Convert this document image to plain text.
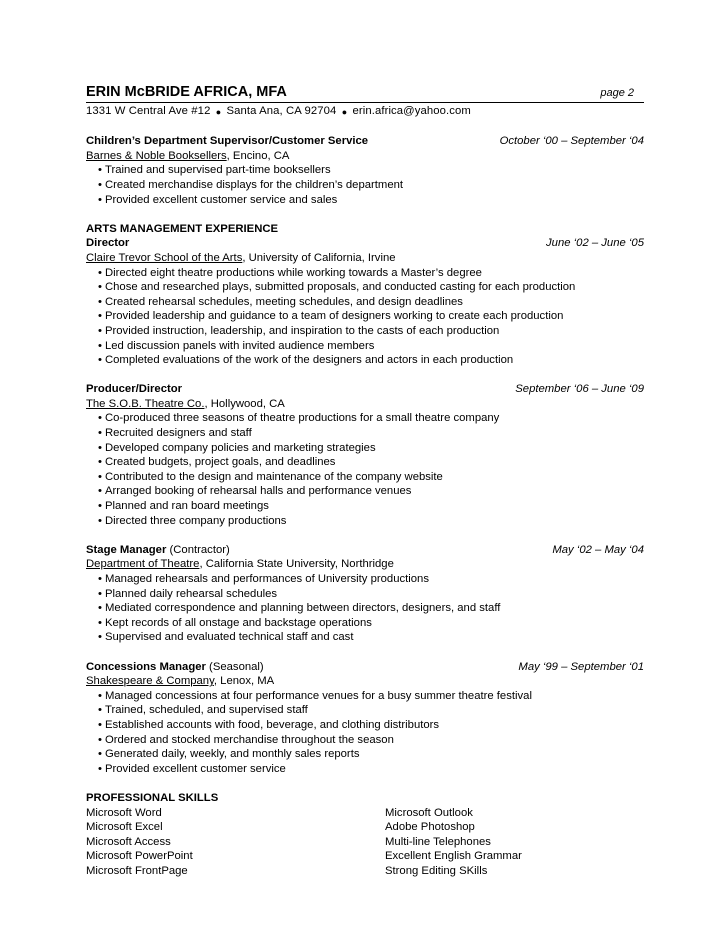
ERIN McBRIDE AFRICA, MFA	page 2
1331 W Central Ave #12 ● Santa Ana, CA 92704 ● erin.africa@yahoo.com
Children’s Department Supervisor/Customer Service	October ‘00 – September ‘04
Barnes & Noble Booksellers, Encino, CA
• Trained and supervised part-time booksellers
• Created merchandise displays for the children’s department
• Provided excellent customer service and sales
ARTS MANAGEMENT EXPERIENCE
Director	June ‘02 – June ‘05
Claire Trevor School of the Arts, University of California, Irvine
• Directed eight theatre productions while working towards a Master’s degree
• Chose and researched plays, submitted proposals, and conducted casting for each production
• Created rehearsal schedules, meeting schedules, and design deadlines
• Provided leadership and guidance to a team of designers working to create each production
• Provided instruction, leadership, and inspiration to the casts of each production
• Led discussion panels with invited audience members
• Completed evaluations of the work of the designers and actors in each production
Producer/Director	September ‘06 – June ‘09
The S.O.B. Theatre Co., Hollywood, CA
• Co-produced three seasons of theatre productions for a small theatre company
• Recruited designers and staff
• Developed company policies and marketing strategies
• Created budgets, project goals, and deadlines
• Contributed to the design and maintenance of the company website
• Arranged booking of rehearsal halls and performance venues
• Planned and ran board meetings
• Directed three company productions
Stage Manager (Contractor)	May ‘02 – May ‘04
Department of Theatre, California State University, Northridge
• Managed rehearsals and performances of University productions
• Planned daily rehearsal schedules
• Mediated correspondence and planning between directors, designers, and staff
• Kept records of all onstage and backstage operations
• Supervised and evaluated technical staff and cast
Concessions Manager (Seasonal)	May ‘99 – September ‘01
Shakespeare & Company, Lenox, MA
• Managed concessions at four performance venues for a busy summer theatre festival
• Trained, scheduled, and supervised staff
• Established accounts with food, beverage, and clothing distributors
• Ordered and stocked merchandise throughout the season
• Generated daily, weekly, and monthly sales reports
• Provided excellent customer service
PROFESSIONAL SKILLS
Microsoft Word	Microsoft Outlook
Microsoft Excel	Adobe Photoshop
Microsoft Access	Multi-line Telephones
Microsoft PowerPoint	Excellent English Grammar
Microsoft FrontPage	Strong Editing SKills
